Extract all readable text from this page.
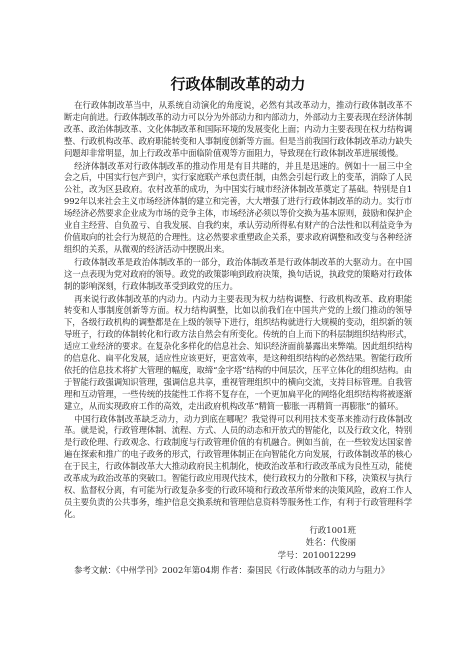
行政体制改革的动力

在行政体制改革当中，从系统自动演化的角度说，必然有其改革动力，推动行政体制改革不断走向前进。行政体制改革的动力可以分为外部动力和内部动力，外部动力主要表现在经济体制改革、政治体制改革、文化体制改革和国际环境的发展变化上面；内动力主要表现在权力结构调整、行政机构改革、政府职能转变和人事制度创新等方面。但是当前我国行政体制改革动力缺失问题却非常明显，加上行政改革中面临阶值观等方面阻力，导致现在行政体制改革进展缓慢。

经济体制改革对行政体制改革的推动作用是有目共睹的，并且是迅速的。例如十一届三中全会之后，中国实行包产到户，实行家庭联产承包责任制，由然会引起行政上的变革，消除了人民公社，改为区县政府。农村改革的成功，为中国实行城市经济体制改革奠定了基础。特别是自1992年以来社会主义市场经济体制的建立和完善，大大增强了进行行政体制改革的动力。实行市场经济必然要求企业成为市场的竞争主体，市场经济必须以等价交换为基本原则，鼓励和保护企业自主经营、自负盈亏、自我发展、自我约束，承认劳动所得私有财产的合法性和以利益竞争为价值取向的社会行为规范的合理性。这必然要求重塑政企关系，要求政府调整和改变与各种经济组织的关系，从微观的经济活动中摆脱出来。

行政体制改革是政治体制改革的一部分，政治体制改革是行政体制改革的大驱动力。在中国这一点表现为党对政府的领导。政党的政策影响到政府决策，换句话说，执政党的策略对行政体制的影响深刻，行政体制改革受到政党的压力。

再来说行政体制改革的内动力。内动力主要表现为权力结构调整、行政机构改革、政府职能转变和人事制度创新等方面。权力结构调整，比如以前我们在中国共产党的上级门推动的领导下，各级行政机构的调整都是在上级的领导下进行，组织结构就进行大规模的变动，组织新的领导班子，行政的体制转化和行政方法自然会有所变化。传统的自上而下的科层制组织结构形式，适应工业经济的要求。在复杂化多样化的信息社会、知识经济面前暴露出来弊端。因此组织结构的信息化、扁平化发展，适应性应该更好，更富效率，是这种组织结构的必然结果。智能行政所依托的信息技术将扩大管理的幅度，取缔“金字塔”结构的中间层次，压平立体化的组织结构。由于智能行政强调知识管理，强调信息共享，重视管理组织中的横向交流，支持目标管理。自我管理和互动管理，一些传统的技能性工作将不复存在，一个更加扁平化的网络化组织结构将被逐渐建立，从而实现政府工作的高效，走出政府机构改革“精简一膨胀一再精简一再膨胀”的循环。

中国行政体制改革缺乏动力，动力到底在哪呢？我觉得可以利用技术变革来推动行政体制改革。就是说，行政管理体制、流程、方式、人员的动态和开放式的智能化，以及行政文化，特别是行政伦理、行政观念、行政制度与行政管理价值的有机融合。例如当前，在一些较发达国家普遍在探索和推广的电子政务的形式，行政管理体制正在向智能化方向发展，行政体制改革的核心在于民主，行政体制改革大大推动政府民主机制化，使政治改革和行政改革成为良性互动，能使改革成为政治改革的突破口。智能行政应用现代技术，使行政权力的分散和下移，决策权与执行权、监督权分离，有可能为行政复杂多变的行政环境和行政改革所带来的决策风险，政府工作人员主要负责的公共事务，维护信息交换系统和管理信息资料等服务性工作，有利于行政管理科学化。

行政1001班
姓名：代俊丽
学号：2010012299
参考文献：《中州学刊》2002年第04期 作者：秦国民《行政体制改革的动力与阻力》
